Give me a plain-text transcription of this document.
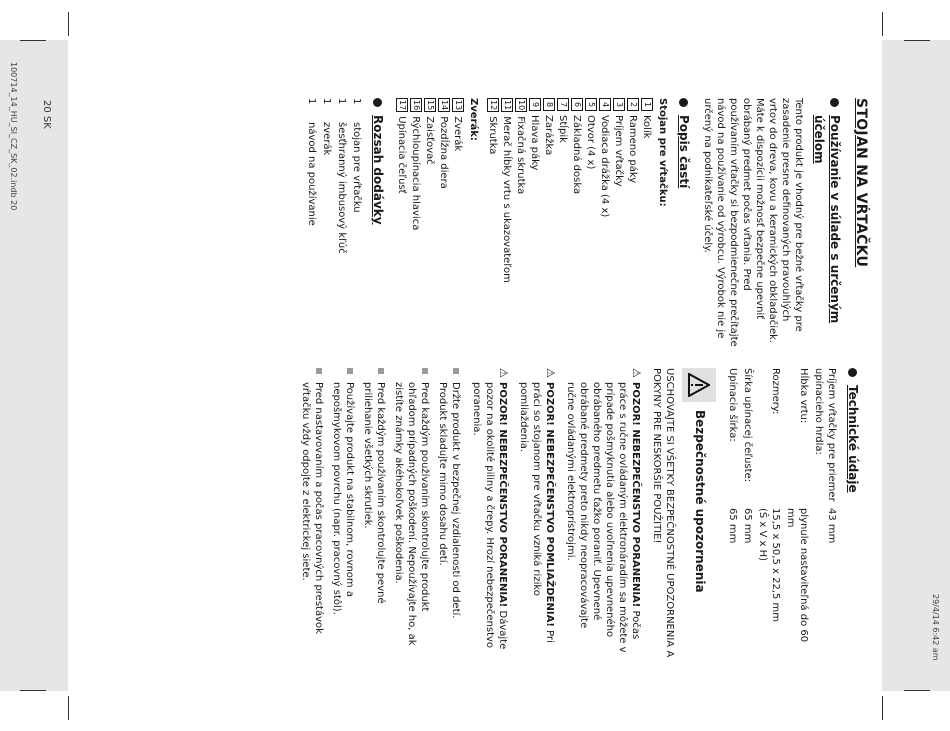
100714_14_HU_SI_CZ_SK_02.indb 20
29/4/14 6:42 am
20 SK	STOJAN NA VŔTAČKU
Používanie v súlade s určeným účelom

Tento produkt je vhodný pre bežné vŕtačky pre zasadenie presne definovaných pravouhlých vrtov do dreva, kovu a keramických obkladačiek. Máte k dispozícii možnosť bezpečne upevniť obrábaný predmet počas vŕtania. Pred používaním vŕtačky si bezpodmienečne prečítajte návod na používanie od výrobcu. Výrobok nie je určený na podnikateľské účely.

Popis častí
Stojan pre vŕtačku:
1
Kolík
2
Rameno páky
3
Príjem vŕtačky
4
Vodiaca drážka (4 x)
5
Otvor (4 x)
6
Základná doska
7
Stĺpik
8
Zarážka
9
Hlava páky
10
Fixačná skrutka
11
Merač hĺbky vrtu s ukazovateľom
12
Skrutka
Zverák:
13
Zverák
14
Pozdĺžna diera
15
Zaisťovač
16
Rýchloupínacia hlavica
17
Upínacia čeľusť
Rozsah dodávky
1
stojan pre vŕtačku
1
šesťhranný imbusový kľúč
1
zverák
1
návod na používanie
Technické údaje
Príjem vŕtačky pre priemer upínacieho hrdla:
43 mm
Hĺbka vrtu:
plynule nastaviteľná do 60 mm
Rozmery:
15,5 x 50,5 x 22,5 mm
(Š x V x H)
Šírka upínacej čeľuste:
65 mm
Upínacia šírka:
65 mm
Bezpečnostné upozornenia

USCHOVAJTE SI VŠETKY BEZPEČNOSTNÉ UPOZORNENIA A POKYNY PRE NESKORŠIE POUŽITIE!

⚠
POZOR! NEBEZPEČENSTVO PORANENIA! Počas práce s ručne ovládaným elektronáradím sa môžete v prípade pošmyknutia alebo uvoľnenia upevneného obrábaného predmetu ťažko poraniť. Upevnené obrábané predmety preto nikdy neopracovávajte ručne ovládanými elektroprístrojmi.
⚠
POZOR! NEBEZPEČENSTVO POMLIAŽDENIA! Pri práci so stojanom pre vŕtačku vzniká riziko pomliaždenia.
⚠
POZOR! NEBEZPEČENSTVO PORANENIA! Dávajte pozor na okolité piliny a črepy. Hrozí nebezpečenstvo poranenia.
Držte produkt v bezpečnej vzdialenosti od detí. Produkt skladujte mimo dosahu detí.
Pred každým používaním skontrolujte produkt ohľadom prípadných poškodení. Nepoužívajte ho, ak zistíte známky akéhokoľvek poškodenia.
Pred každým používaním skontrolujte pevné priliehanie všetkých skrutiek.
Používajte produkt na stabilnom, rovnom a nepošmykovom povrchu (napr. pracovný stôl).
Pred nastavovaním a počas pracovných prestávok vŕtačku vždy odpojte z elektrickej siete.
